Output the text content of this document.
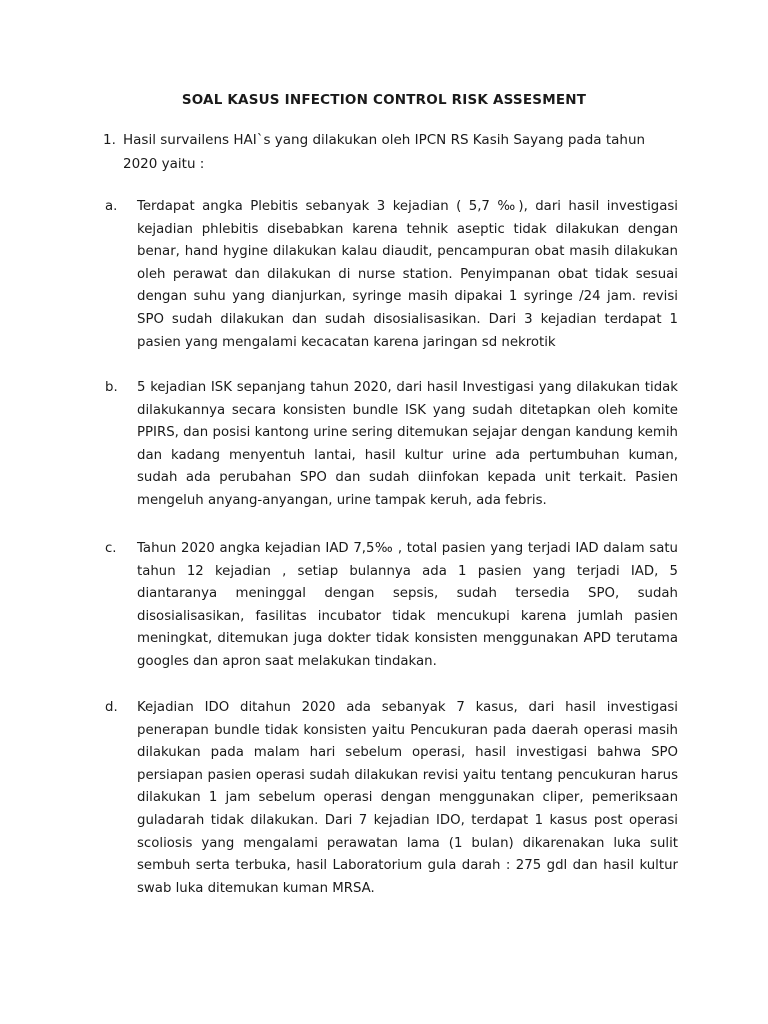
SOAL KASUS INFECTION CONTROL RISK ASSESMENT
1. Hasil survailens HAI`s yang dilakukan oleh IPCN RS Kasih Sayang pada tahun 2020 yaitu :
a. Terdapat angka Plebitis sebanyak 3 kejadian ( 5,7 ‰), dari hasil investigasi kejadian phlebitis disebabkan karena tehnik aseptic tidak dilakukan dengan benar, hand hygine dilakukan kalau diaudit, pencampuran obat masih dilakukan oleh perawat dan dilakukan di nurse station. Penyimpanan obat tidak sesuai dengan suhu yang dianjurkan, syringe masih dipakai 1 syringe /24 jam. revisi SPO sudah dilakukan dan sudah disosialisasikan. Dari 3 kejadian terdapat 1 pasien yang mengalami kecacatan karena jaringan sd nekrotik
b. 5 kejadian ISK sepanjang tahun 2020, dari hasil Investigasi yang dilakukan tidak dilakukannya secara konsisten bundle ISK yang sudah ditetapkan oleh komite PPIRS, dan posisi kantong urine sering ditemukan sejajar dengan kandung kemih dan kadang menyentuh lantai, hasil kultur urine ada pertumbuhan kuman, sudah ada perubahan SPO dan sudah diinfokan kepada unit terkait. Pasien mengeluh anyang-anyangan, urine tampak keruh, ada febris.
c. Tahun 2020 angka kejadian IAD 7,5‰ , total pasien yang terjadi IAD dalam satu tahun 12 kejadian , setiap bulannya ada 1 pasien yang terjadi IAD, 5 diantaranya meninggal dengan sepsis, sudah tersedia SPO, sudah disosialisasikan, fasilitas incubator tidak mencukupi karena jumlah pasien meningkat, ditemukan juga dokter tidak konsisten menggunakan APD terutama googles dan apron saat melakukan tindakan.
d. Kejadian IDO ditahun 2020 ada sebanyak 7 kasus, dari hasil investigasi penerapan bundle tidak konsisten yaitu Pencukuran pada daerah operasi masih dilakukan pada malam hari sebelum operasi, hasil investigasi bahwa SPO persiapan pasien operasi sudah dilakukan revisi yaitu tentang pencukuran harus dilakukan 1 jam sebelum operasi dengan menggunakan cliper, pemeriksaan guladarah tidak dilakukan. Dari 7 kejadian IDO, terdapat 1 kasus post operasi scoliosis yang mengalami perawatan lama (1 bulan) dikarenakan luka sulit sembuh serta terbuka, hasil Laboratorium gula darah : 275 gdl dan hasil kultur swab luka ditemukan kuman MRSA.
